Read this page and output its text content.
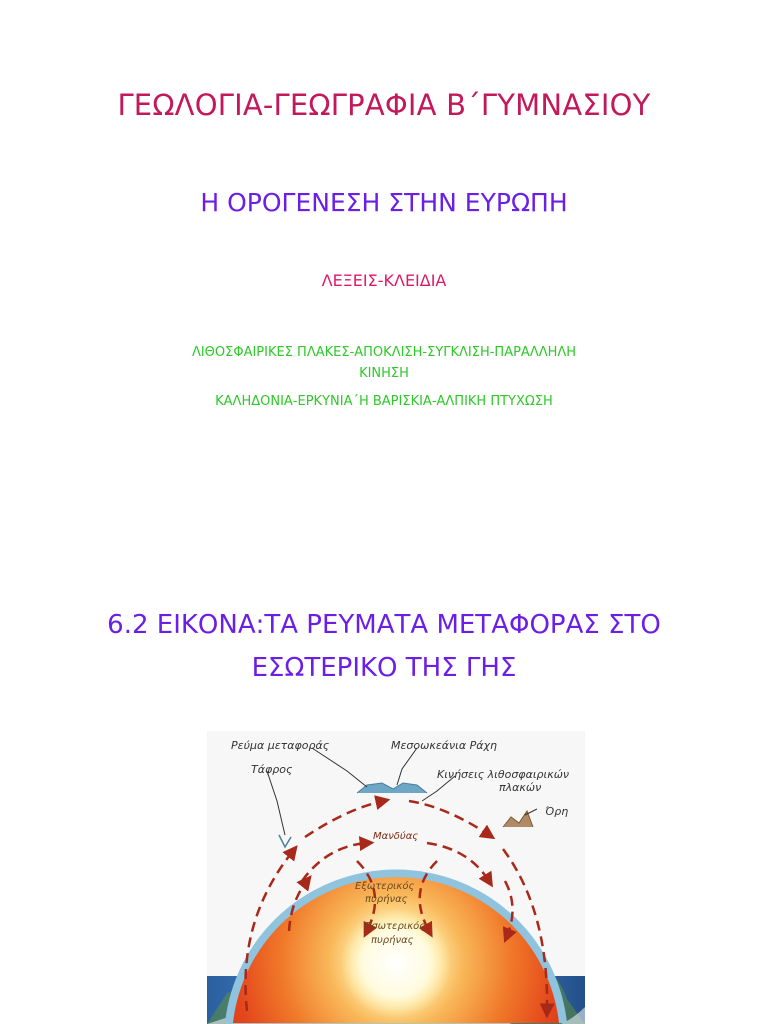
ΓΕΩΛΟΓΙΑ-ΓΕΩΓΡΑΦΙΑ Β΄ΓΥΜΝΑΣΙΟΥ
Η ΟΡΟΓΕΝΕΣΗ ΣΤΗΝ ΕΥΡΩΠΗ
ΛΕΞΕΙΣ-ΚΛΕΙΔΙΑ
ΛΙΘΟΣΦΑΙΡΙΚΕΣ ΠΛΑΚΕΣ-ΑΠΟΚΛΙΣΗ-ΣΥΓΚΛΙΣΗ-ΠΑΡΑΛΛΗΛΗ
ΚΙΝΗΣΗ
ΚΑΛΗΔΟΝΙΑ-ΕΡΚΥΝΙΑ΄Η ΒΑΡΙΣΚΙΑ-ΑΛΠΙΚΗ ΠΤΥΧΩΣΗ
6.2 ΕΙΚΟΝΑ:ΤΑ ΡΕΥΜΑΤΑ ΜΕΤΑΦΟΡΑΣ ΣΤΟ
ΕΣΩΤΕΡΙΚΟ ΤΗΣ ΓΗΣ
Ρεύμα μεταφοράς	Μεσοωκεάνια Ράχη
Τάφρος	Κινήσεις λιθοσφαιρικών
πλακών
Όρη
Μανδύας
Εξωτερικός
πυρήνας
Εσωτερικός
πυρήνας
